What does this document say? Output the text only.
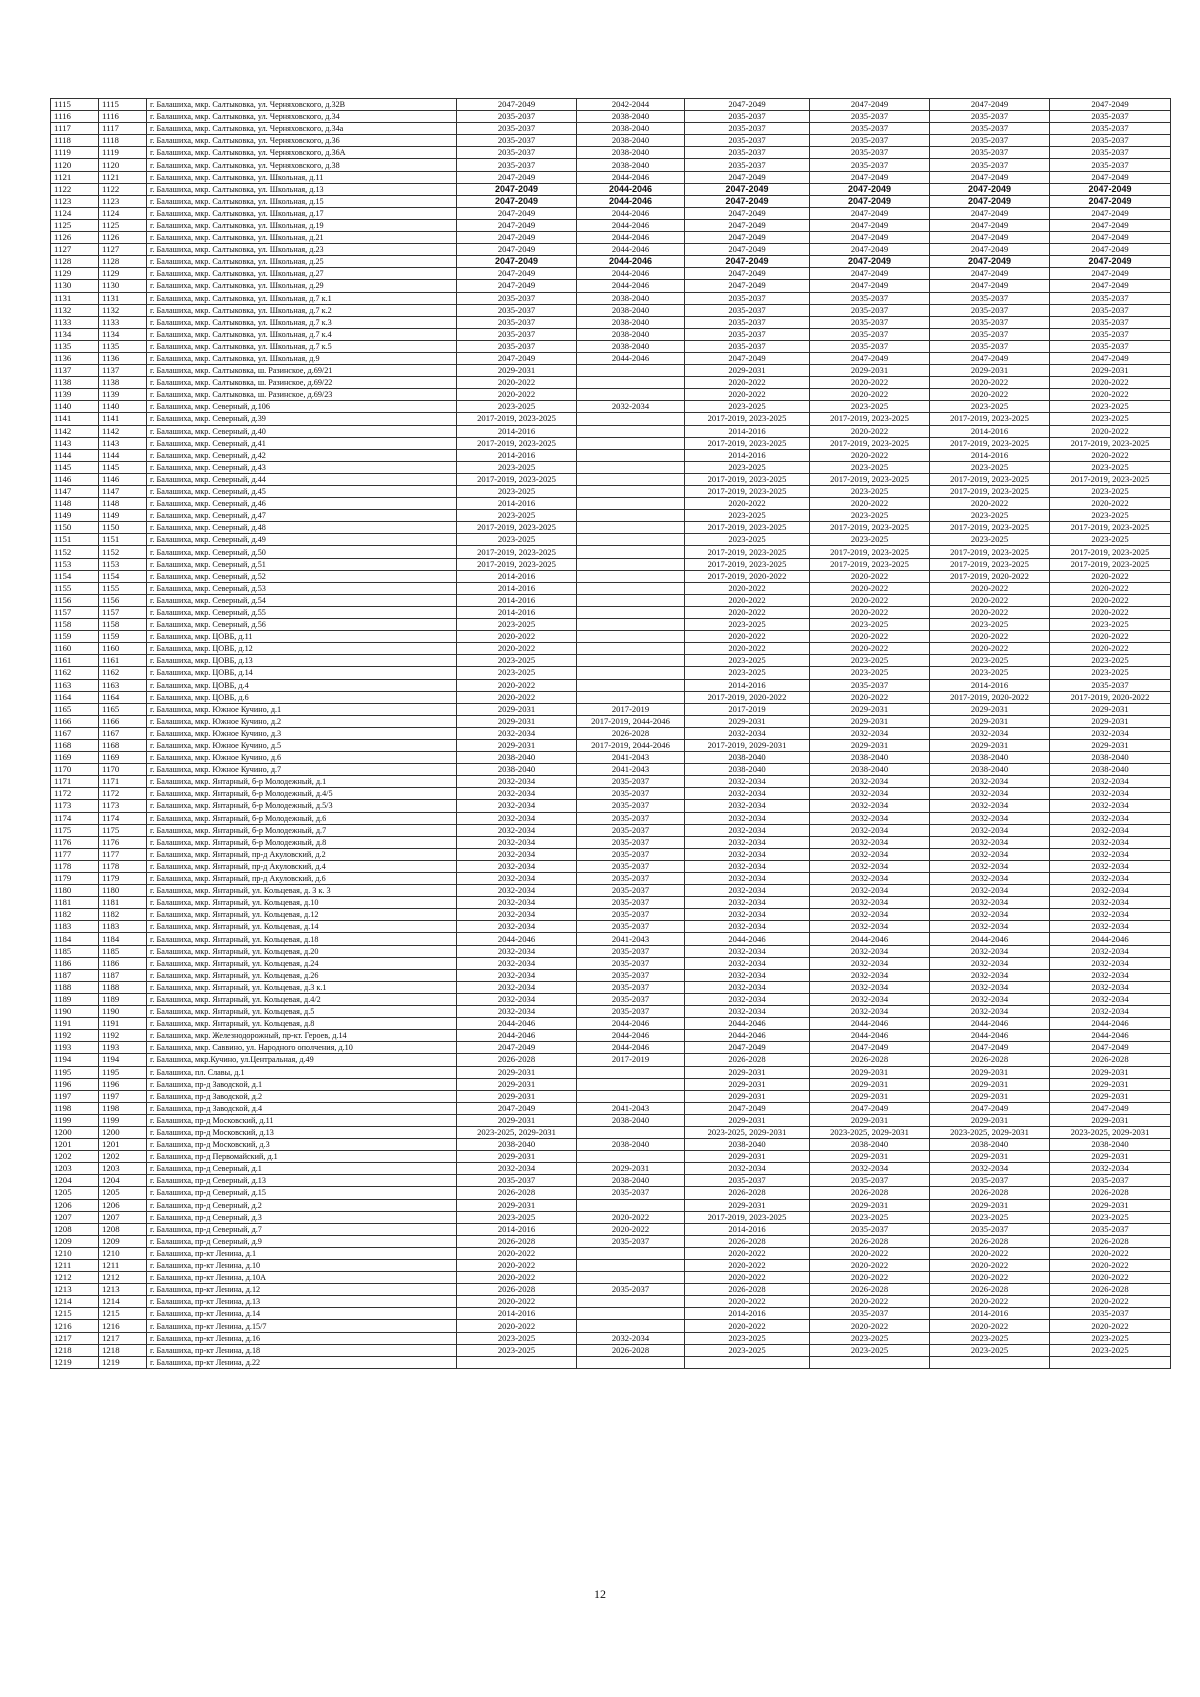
1115	1115	г. Балашиха, мкр. Салтыковка, ул. Черняховского, д.32В	2047-2049	2042-2044	2047-2049	2047-2049	2047-2049	2047-2049
1116	1116	г. Балашиха, мкр. Салтыковка, ул. Черняховского, д.34	2035-2037	2038-2040	2035-2037	2035-2037	2035-2037	2035-2037
1117	1117	г. Балашиха, мкр. Салтыковка, ул. Черняховского, д.34а	2035-2037	2038-2040	2035-2037	2035-2037	2035-2037	2035-2037
1118	1118	г. Балашиха, мкр. Салтыковка, ул. Черняховского, д.36	2035-2037	2038-2040	2035-2037	2035-2037	2035-2037	2035-2037
1119	1119	г. Балашиха, мкр. Салтыковка, ул. Черняховского, д.36А	2035-2037	2038-2040	2035-2037	2035-2037	2035-2037	2035-2037
1120	1120	г. Балашиха, мкр. Салтыковка, ул. Черняховского, д.38	2035-2037	2038-2040	2035-2037	2035-2037	2035-2037	2035-2037
1121	1121	г. Балашиха, мкр. Салтыковка, ул. Школьная, д.11	2047-2049	2044-2046	2047-2049	2047-2049	2047-2049	2047-2049
1122	1122	г. Балашиха, мкр. Салтыковка, ул. Школьная, д.13	2047-2049	2044-2046	2047-2049	2047-2049	2047-2049	2047-2049
1123	1123	г. Балашиха, мкр. Салтыковка, ул. Школьная, д.15	2047-2049	2044-2046	2047-2049	2047-2049	2047-2049	2047-2049
1124	1124	г. Балашиха, мкр. Салтыковка, ул. Школьная, д.17	2047-2049	2044-2046	2047-2049	2047-2049	2047-2049	2047-2049
1125	1125	г. Балашиха, мкр. Салтыковка, ул. Школьная, д.19	2047-2049	2044-2046	2047-2049	2047-2049	2047-2049	2047-2049
1126	1126	г. Балашиха, мкр. Салтыковка, ул. Школьная, д.21	2047-2049	2044-2046	2047-2049	2047-2049	2047-2049	2047-2049
1127	1127	г. Балашиха, мкр. Салтыковка, ул. Школьная, д.23	2047-2049	2044-2046	2047-2049	2047-2049	2047-2049	2047-2049
1128	1128	г. Балашиха, мкр. Салтыковка, ул. Школьная, д.25	2047-2049	2044-2046	2047-2049	2047-2049	2047-2049	2047-2049
1129	1129	г. Балашиха, мкр. Салтыковка, ул. Школьная, д.27	2047-2049	2044-2046	2047-2049	2047-2049	2047-2049	2047-2049
1130	1130	г. Балашиха, мкр. Салтыковка, ул. Школьная, д.29	2047-2049	2044-2046	2047-2049	2047-2049	2047-2049	2047-2049
1131	1131	г. Балашиха, мкр. Салтыковка, ул. Школьная, д.7 к.1	2035-2037	2038-2040	2035-2037	2035-2037	2035-2037	2035-2037
1132	1132	г. Балашиха, мкр. Салтыковка, ул. Школьная, д.7 к.2	2035-2037	2038-2040	2035-2037	2035-2037	2035-2037	2035-2037
1133	1133	г. Балашиха, мкр. Салтыковка, ул. Школьная, д.7 к.3	2035-2037	2038-2040	2035-2037	2035-2037	2035-2037	2035-2037
1134	1134	г. Балашиха, мкр. Салтыковка, ул. Школьная, д.7 к.4	2035-2037	2038-2040	2035-2037	2035-2037	2035-2037	2035-2037
1135	1135	г. Балашиха, мкр. Салтыковка, ул. Школьная, д.7 к.5	2035-2037	2038-2040	2035-2037	2035-2037	2035-2037	2035-2037
1136	1136	г. Балашиха, мкр. Салтыковка, ул. Школьная, д.9	2047-2049	2044-2046	2047-2049	2047-2049	2047-2049	2047-2049
1137	1137	г. Балашиха, мкр. Салтыковка, ш. Разинское, д.69/21	2029-2031		2029-2031	2029-2031	2029-2031	2029-2031
1138	1138	г. Балашиха, мкр. Салтыковка, ш. Разинское, д.69/22	2020-2022		2020-2022	2020-2022	2020-2022	2020-2022
1139	1139	г. Балашиха, мкр. Салтыковка, ш. Разинское, д.69/23	2020-2022		2020-2022	2020-2022	2020-2022	2020-2022
1140	1140	г. Балашиха, мкр. Северный, д.106	2023-2025	2032-2034	2023-2025	2023-2025	2023-2025	2023-2025
1141	1141	г. Балашиха, мкр. Северный, д.39	2017-2019, 2023-2025		2017-2019, 2023-2025	2017-2019, 2023-2025	2017-2019, 2023-2025	2023-2025
1142	1142	г. Балашиха, мкр. Северный, д.40	2014-2016		2014-2016	2020-2022	2014-2016	2020-2022
1143	1143	г. Балашиха, мкр. Северный, д.41	2017-2019, 2023-2025		2017-2019, 2023-2025	2017-2019, 2023-2025	2017-2019, 2023-2025	2017-2019, 2023-2025
1144	1144	г. Балашиха, мкр. Северный, д.42	2014-2016		2014-2016	2020-2022	2014-2016	2020-2022
1145	1145	г. Балашиха, мкр. Северный, д.43	2023-2025		2023-2025	2023-2025	2023-2025	2023-2025
1146	1146	г. Балашиха, мкр. Северный, д.44	2017-2019, 2023-2025		2017-2019, 2023-2025	2017-2019, 2023-2025	2017-2019, 2023-2025	2017-2019, 2023-2025
1147	1147	г. Балашиха, мкр. Северный, д.45	2023-2025		2017-2019, 2023-2025	2023-2025	2017-2019, 2023-2025	2023-2025
1148	1148	г. Балашиха, мкр. Северный, д.46	2014-2016		2020-2022	2020-2022	2020-2022	2020-2022
1149	1149	г. Балашиха, мкр. Северный, д.47	2023-2025		2023-2025	2023-2025	2023-2025	2023-2025
1150	1150	г. Балашиха, мкр. Северный, д.48	2017-2019, 2023-2025		2017-2019, 2023-2025	2017-2019, 2023-2025	2017-2019, 2023-2025	2017-2019, 2023-2025
1151	1151	г. Балашиха, мкр. Северный, д.49	2023-2025		2023-2025	2023-2025	2023-2025	2023-2025
1152	1152	г. Балашиха, мкр. Северный, д.50	2017-2019, 2023-2025		2017-2019, 2023-2025	2017-2019, 2023-2025	2017-2019, 2023-2025	2017-2019, 2023-2025
1153	1153	г. Балашиха, мкр. Северный, д.51	2017-2019, 2023-2025		2017-2019, 2023-2025	2017-2019, 2023-2025	2017-2019, 2023-2025	2017-2019, 2023-2025
1154	1154	г. Балашиха, мкр. Северный, д.52	2014-2016		2017-2019, 2020-2022	2020-2022	2017-2019, 2020-2022	2020-2022
1155	1155	г. Балашиха, мкр. Северный, д.53	2014-2016		2020-2022	2020-2022	2020-2022	2020-2022
1156	1156	г. Балашиха, мкр. Северный, д.54	2014-2016		2020-2022	2020-2022	2020-2022	2020-2022
1157	1157	г. Балашиха, мкр. Северный, д.55	2014-2016		2020-2022	2020-2022	2020-2022	2020-2022
1158	1158	г. Балашиха, мкр. Северный, д.56	2023-2025		2023-2025	2023-2025	2023-2025	2023-2025
1159	1159	г. Балашиха, мкр. ЦОВБ, д.11	2020-2022		2020-2022	2020-2022	2020-2022	2020-2022
1160	1160	г. Балашиха, мкр. ЦОВБ, д.12	2020-2022		2020-2022	2020-2022	2020-2022	2020-2022
1161	1161	г. Балашиха, мкр. ЦОВБ, д.13	2023-2025		2023-2025	2023-2025	2023-2025	2023-2025
1162	1162	г. Балашиха, мкр. ЦОВБ, д.14	2023-2025		2023-2025	2023-2025	2023-2025	2023-2025
1163	1163	г. Балашиха, мкр. ЦОВБ, д.4	2020-2022		2014-2016	2035-2037	2014-2016	2035-2037
1164	1164	г. Балашиха, мкр. ЦОВБ, д.6	2020-2022		2017-2019, 2020-2022	2020-2022	2017-2019, 2020-2022	2017-2019, 2020-2022
1165	1165	г. Балашиха, мкр. Южное Кучино, д.1	2029-2031	2017-2019	2017-2019	2029-2031	2029-2031	2029-2031
1166	1166	г. Балашиха, мкр. Южное Кучино, д.2	2029-2031	2017-2019, 2044-2046	2029-2031	2029-2031	2029-2031	2029-2031
1167	1167	г. Балашиха, мкр. Южное Кучино, д.3	2032-2034	2026-2028	2032-2034	2032-2034	2032-2034	2032-2034
1168	1168	г. Балашиха, мкр. Южное Кучино, д.5	2029-2031	2017-2019, 2044-2046	2017-2019, 2029-2031	2029-2031	2029-2031	2029-2031
1169	1169	г. Балашиха, мкр. Южное Кучино, д.6	2038-2040	2041-2043	2038-2040	2038-2040	2038-2040	2038-2040
1170	1170	г. Балашиха, мкр. Южное Кучино, д.7	2038-2040	2041-2043	2038-2040	2038-2040	2038-2040	2038-2040
1171	1171	г. Балашиха, мкр. Янтарный, б-р Молодежный, д.1	2032-2034	2035-2037	2032-2034	2032-2034	2032-2034	2032-2034
1172	1172	г. Балашиха, мкр. Янтарный, б-р Молодежный, д.4/5	2032-2034	2035-2037	2032-2034	2032-2034	2032-2034	2032-2034
1173	1173	г. Балашиха, мкр. Янтарный, б-р Молодежный, д.5/3	2032-2034	2035-2037	2032-2034	2032-2034	2032-2034	2032-2034
1174	1174	г. Балашиха, мкр. Янтарный, б-р Молодежный, д.6	2032-2034	2035-2037	2032-2034	2032-2034	2032-2034	2032-2034
1175	1175	г. Балашиха, мкр. Янтарный, б-р Молодежный, д.7	2032-2034	2035-2037	2032-2034	2032-2034	2032-2034	2032-2034
1176	1176	г. Балашиха, мкр. Янтарный, б-р Молодежный, д.8	2032-2034	2035-2037	2032-2034	2032-2034	2032-2034	2032-2034
1177	1177	г. Балашиха, мкр. Янтарный, пр-д Акуловский, д.2	2032-2034	2035-2037	2032-2034	2032-2034	2032-2034	2032-2034
1178	1178	г. Балашиха, мкр. Янтарный, пр-д Акуловский, д.4	2032-2034	2035-2037	2032-2034	2032-2034	2032-2034	2032-2034
1179	1179	г. Балашиха, мкр. Янтарный, пр-д Акуловский, д.6	2032-2034	2035-2037	2032-2034	2032-2034	2032-2034	2032-2034
1180	1180	г. Балашиха, мкр. Янтарный, ул. Кольцевая, д. 3 к. 3	2032-2034	2035-2037	2032-2034	2032-2034	2032-2034	2032-2034
1181	1181	г. Балашиха, мкр. Янтарный, ул. Кольцевая, д.10	2032-2034	2035-2037	2032-2034	2032-2034	2032-2034	2032-2034
1182	1182	г. Балашиха, мкр. Янтарный, ул. Кольцевая, д.12	2032-2034	2035-2037	2032-2034	2032-2034	2032-2034	2032-2034
1183	1183	г. Балашиха, мкр. Янтарный, ул. Кольцевая, д.14	2032-2034	2035-2037	2032-2034	2032-2034	2032-2034	2032-2034
1184	1184	г. Балашиха, мкр. Янтарный, ул. Кольцевая, д.18	2044-2046	2041-2043	2044-2046	2044-2046	2044-2046	2044-2046
1185	1185	г. Балашиха, мкр. Янтарный, ул. Кольцевая, д.20	2032-2034	2035-2037	2032-2034	2032-2034	2032-2034	2032-2034
1186	1186	г. Балашиха, мкр. Янтарный, ул. Кольцевая, д.24	2032-2034	2035-2037	2032-2034	2032-2034	2032-2034	2032-2034
1187	1187	г. Балашиха, мкр. Янтарный, ул. Кольцевая, д.26	2032-2034	2035-2037	2032-2034	2032-2034	2032-2034	2032-2034
1188	1188	г. Балашиха, мкр. Янтарный, ул. Кольцевая, д.3 к.1	2032-2034	2035-2037	2032-2034	2032-2034	2032-2034	2032-2034
1189	1189	г. Балашиха, мкр. Янтарный, ул. Кольцевая, д.4/2	2032-2034	2035-2037	2032-2034	2032-2034	2032-2034	2032-2034
1190	1190	г. Балашиха, мкр. Янтарный, ул. Кольцевая, д.5	2032-2034	2035-2037	2032-2034	2032-2034	2032-2034	2032-2034
1191	1191	г. Балашиха, мкр. Янтарный, ул. Кольцевая, д.8	2044-2046	2044-2046	2044-2046	2044-2046	2044-2046	2044-2046
1192	1192	г. Балашиха, мкр. Железнодорожный, пр-кт. Героев, д.14	2044-2046	2044-2046	2044-2046	2044-2046	2044-2046	2044-2046
1193	1193	г. Балашиха, мкр. Саввино, ул. Народного ополчения, д.10	2047-2049	2044-2046	2047-2049	2047-2049	2047-2049	2047-2049
1194	1194	г. Балашиха, мкр.Кучино, ул.Центральная, д.49	2026-2028	2017-2019	2026-2028	2026-2028	2026-2028	2026-2028
1195	1195	г. Балашиха, пл. Славы, д.1	2029-2031		2029-2031	2029-2031	2029-2031	2029-2031
1196	1196	г. Балашиха, пр-д Заводской, д.1	2029-2031		2029-2031	2029-2031	2029-2031	2029-2031
1197	1197	г. Балашиха, пр-д Заводской, д.2	2029-2031		2029-2031	2029-2031	2029-2031	2029-2031
1198	1198	г. Балашиха, пр-д Заводской, д.4	2047-2049	2041-2043	2047-2049	2047-2049	2047-2049	2047-2049
1199	1199	г. Балашиха, пр-д Московский, д.11	2029-2031	2038-2040	2029-2031	2029-2031	2029-2031	2029-2031
1200	1200	г. Балашиха, пр-д Московский, д.13	2023-2025, 2029-2031		2023-2025, 2029-2031	2023-2025, 2029-2031	2023-2025, 2029-2031	2023-2025, 2029-2031
1201	1201	г. Балашиха, пр-д Московский, д.3	2038-2040	2038-2040	2038-2040	2038-2040	2038-2040	2038-2040
1202	1202	г. Балашиха, пр-д Первомайский, д.1	2029-2031		2029-2031	2029-2031	2029-2031	2029-2031
1203	1203	г. Балашиха, пр-д Северный, д.1	2032-2034	2029-2031	2032-2034	2032-2034	2032-2034	2032-2034
1204	1204	г. Балашиха, пр-д Северный, д.13	2035-2037	2038-2040	2035-2037	2035-2037	2035-2037	2035-2037
1205	1205	г. Балашиха, пр-д Северный, д.15	2026-2028	2035-2037	2026-2028	2026-2028	2026-2028	2026-2028
1206	1206	г. Балашиха, пр-д Северный, д.2	2029-2031		2029-2031	2029-2031	2029-2031	2029-2031
1207	1207	г. Балашиха, пр-д Северный, д.3	2023-2025	2020-2022	2017-2019, 2023-2025	2023-2025	2023-2025	2023-2025
1208	1208	г. Балашиха, пр-д Северный, д.7	2014-2016	2020-2022	2014-2016	2035-2037	2035-2037	2035-2037
1209	1209	г. Балашиха, пр-д Северный, д.9	2026-2028	2035-2037	2026-2028	2026-2028	2026-2028	2026-2028
1210	1210	г. Балашиха, пр-кт Ленина, д.1	2020-2022		2020-2022	2020-2022	2020-2022	2020-2022
1211	1211	г. Балашиха, пр-кт Ленина, д.10	2020-2022		2020-2022	2020-2022	2020-2022	2020-2022
1212	1212	г. Балашиха, пр-кт Ленина, д.10А	2020-2022		2020-2022	2020-2022	2020-2022	2020-2022
1213	1213	г. Балашиха, пр-кт Ленина, д.12	2026-2028	2035-2037	2026-2028	2026-2028	2026-2028	2026-2028
1214	1214	г. Балашиха, пр-кт Ленина, д.13	2020-2022		2020-2022	2020-2022	2020-2022	2020-2022
1215	1215	г. Балашиха, пр-кт Ленина, д.14	2014-2016		2014-2016	2035-2037	2014-2016	2035-2037
1216	1216	г. Балашиха, пр-кт Ленина, д.15/7	2020-2022		2020-2022	2020-2022	2020-2022	2020-2022
1217	1217	г. Балашиха, пр-кт Ленина, д.16	2023-2025	2032-2034	2023-2025	2023-2025	2023-2025	2023-2025
1218	1218	г. Балашиха, пр-кт Ленина, д.18	2023-2025	2026-2028	2023-2025	2023-2025	2023-2025	2023-2025
1219	1219	г. Балашиха, пр-кт Ленина, д.22						
12
